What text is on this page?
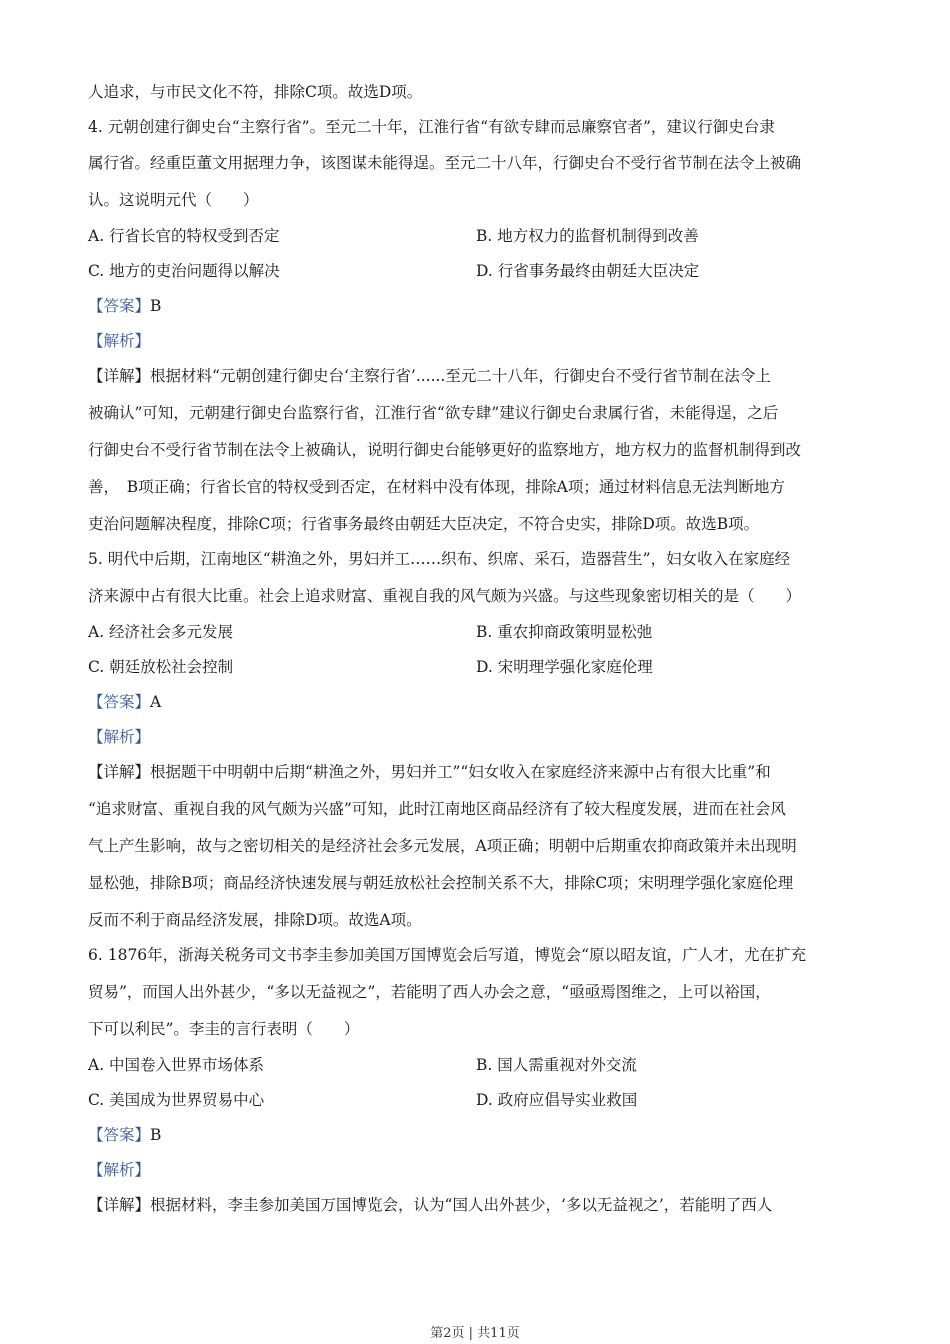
人追求，与市民文化不符，排除C项。故选D项。
4. 元朝创建行御史台“主察行省”。至元二十年，江淮行省“有欲专肆而忌廉察官者”，建议行御史台隶
属行省。经重臣董文用据理力争，该图谋未能得逞。至元二十八年，行御史台不受行省节制在法令上被确
认。这说明元代（　　）
A. 行省长官的特权受到否定	B. 地方权力的监督机制得到改善
C. 地方的吏治问题得以解决	D. 行省事务最终由朝廷大臣决定
【答案】B
【解析】
【详解】根据材料“元朝创建行御史台‘主察行省’......至元二十八年，行御史台不受行省节制在法令上
被确认”可知，元朝建行御史台监察行省，江淮行省“欲专肆”建议行御史台隶属行省，未能得逞，之后
行御史台不受行省节制在法令上被确认，说明行御史台能够更好的监察地方，地方权力的监督机制得到改
善，　B项正确；行省长官的特权受到否定，在材料中没有体现，排除A项；通过材料信息无法判断地方
吏治问题解决程度，排除C项；行省事务最终由朝廷大臣决定，不符合史实，排除D项。故选B项。
5. 明代中后期，江南地区“耕渔之外，男妇并工……织布、织席、采石，造器营生”，妇女收入在家庭经
济来源中占有很大比重。社会上追求财富、重视自我的风气颇为兴盛。与这些现象密切相关的是（　　）
A. 经济社会多元发展	B. 重农抑商政策明显松弛
C. 朝廷放松社会控制	D. 宋明理学强化家庭伦理
【答案】A
【解析】
【详解】根据题干中明朝中后期“耕渔之外，男妇并工”“妇女收入在家庭经济来源中占有很大比重”和
“追求财富、重视自我的风气颇为兴盛”可知，此时江南地区商品经济有了较大程度发展，进而在社会风
气上产生影响，故与之密切相关的是经济社会多元发展，A项正确；明朝中后期重农抑商政策并未出现明
显松弛，排除B项；商品经济快速发展与朝廷放松社会控制关系不大，排除C项；宋明理学强化家庭伦理
反而不利于商品经济发展，排除D项。故选A项。
6. 1876年，浙海关税务司文书李圭参加美国万国博览会后写道，博览会“原以昭友谊，广人才，尤在扩充
贸易”，而国人出外甚少，“多以无益视之”，若能明了西人办会之意，“亟亟焉图维之，上可以裕国，
下可以利民”。李圭的言行表明（　　）
A. 中国卷入世界市场体系	B. 国人需重视对外交流
C. 美国成为世界贸易中心	D. 政府应倡导实业救国
【答案】B
【解析】
【详解】根据材料，李圭参加美国万国博览会，认为“国人出外甚少，‘多以无益视之’，若能明了西人
第2页 | 共11页
